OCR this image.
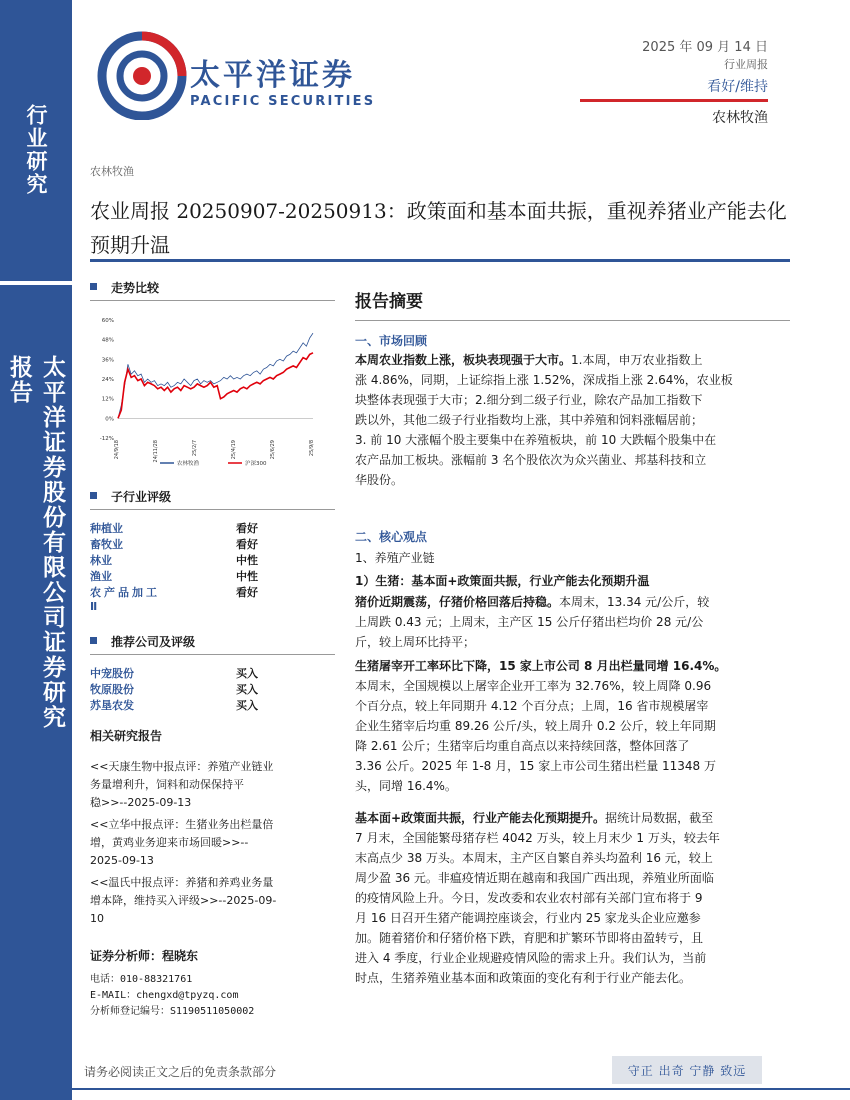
行业研究
太平洋证券股份有限公司证券研究报告
太平洋证券
PACIFIC SECURITIES
2025 年 09 月 14 日
行业周报
看好/维持
农林牧渔
农林牧渔
农业周报 20250907-20250913：政策面和基本面共振，重视养猪业产能去化预期升温
走势比较
-12%
0%
12%
24%
36%
48%
60%
24/9/18	24/11/28	25/2/7	25/4/19	25/6/29	25/9/8
农林牧渔	沪深300
子行业评级
种植业	看好
畜牧业	看好
林业	中性
渔业	中性
农产品加工	看好
Ⅱ
推荐公司及评级
中宠股份	买入
牧原股份	买入
苏垦农发	买入
相关研究报告
<<天康生物中报点评：养殖产业链业
务量增利升，饲料和动保保持平
稳>>--2025-09-13
<<立华中报点评：生猪业务出栏量倍
增，黄鸡业务迎来市场回暖>>--
2025-09-13
<<温氏中报点评：养猪和养鸡业务量
增本降，维持买入评级>>--2025-09-
10
证券分析师：程晓东
电话：010-88321761
E-MAIL：chengxd@tpyzq.com
分析师登记编号：S1190511050002
报告摘要
一、市场回顾
本周农业指数上涨，板块表现强于大市。1.本周，申万农业指数上
涨 4.86%，同期，上证综指上涨 1.52%，深成指上涨 2.64%，农业板
块整体表现强于大市；2.细分到二级子行业，除农产品加工指数下
跌以外，其他二级子行业指数均上涨，其中养殖和饲料涨幅居前；
3. 前 10 大涨幅个股主要集中在养殖板块，前 10 大跌幅个股集中在
农产品加工板块。涨幅前 3 名个股依次为众兴菌业、邦基科技和立
华股份。
二、核心观点
1、养殖产业链
1）生猪：基本面+政策面共振，行业产能去化预期升温
猪价近期震荡，仔猪价格回落后持稳。本周末，13.34 元/公斤，较
上周跌 0.43 元；上周末，主产区 15 公斤仔猪出栏均价 28 元/公
斤，较上周环比持平；
生猪屠宰开工率环比下降，15 家上市公司 8 月出栏量同增 16.4%。
本周末，全国规模以上屠宰企业开工率为 32.76%，较上周降 0.96
个百分点，较上年同期升 4.12 个百分点；上周，16 省市规模屠宰
企业生猪宰后均重 89.26 公斤/头，较上周升 0.2 公斤，较上年同期
降 2.61 公斤；生猪宰后均重自高点以来持续回落，整体回落了
3.36 公斤。2025 年 1-8 月，15 家上市公司生猪出栏量 11348 万
头，同增 16.4%。
基本面+政策面共振，行业产能去化预期提升。据统计局数据，截至
7 月末，全国能繁母猪存栏 4042 万头，较上月末少 1 万头，较去年
末高点少 38 万头。本周末，主产区自繁自养头均盈利 16 元，较上
周少盈 36 元。非瘟疫情近期在越南和我国广西出现，养殖业所面临
的疫情风险上升。今日，发改委和农业农村部有关部门宣布将于 9
月 16 日召开生猪产能调控座谈会，行业内 25 家龙头企业应邀参
加。随着猪价和仔猪价格下跌，育肥和扩繁环节即将由盈转亏，且
进入 4 季度，行业企业规避疫情风险的需求上升。我们认为，当前
时点，生猪养殖业基本面和政策面的变化有利于行业产能去化。
请务必阅读正文之后的免责条款部分	守正 出奇 宁静 致远
